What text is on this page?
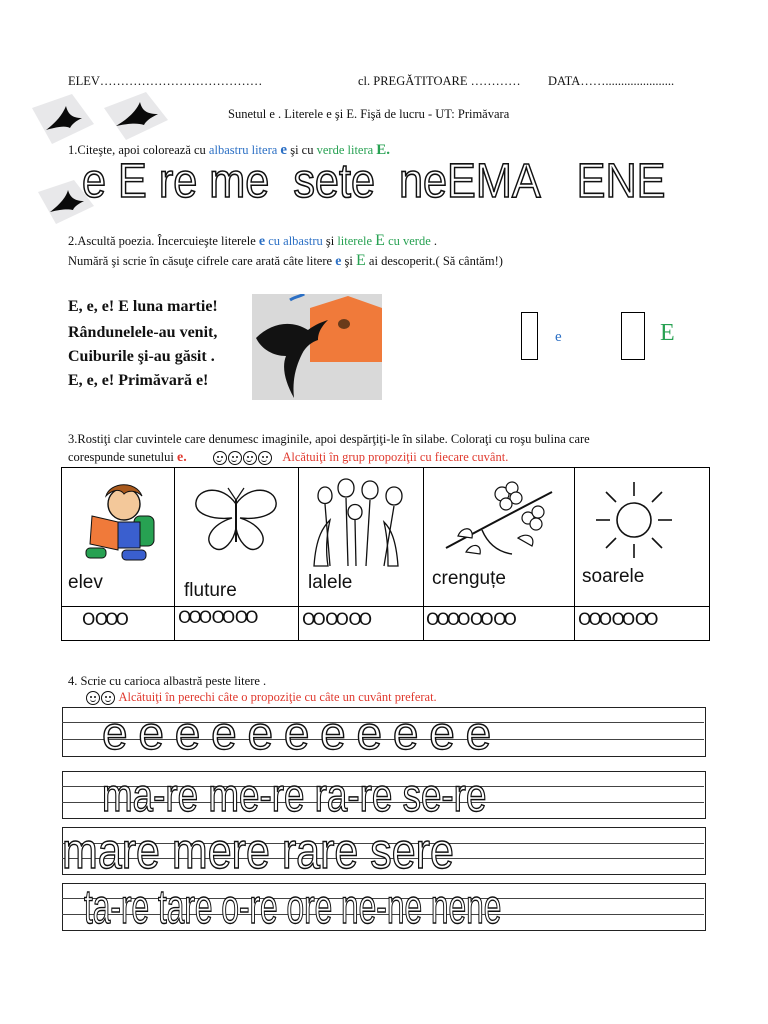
ELEV…………………………………	cl. PREGĂTITOARE ………… DATA……......................
Sunetul e . Literele e şi E. Fişă de lucru - UT: Primăvara
1.Citeşte, apoi colorează cu albastru litera e şi cu verde litera E.
e E re me sete neEMA ENE
2.Ascultă poezia. Încercuieşte literele e cu albastru şi literele E cu verde .
Numără şi scrie în căsuţe cifrele care arată câte litere e şi E ai descoperit.( Să cântăm!)
E, e, e! E luna martie!
Rândunelele-au venit,
Cuiburile şi-au găsit .
E, e, e! Primăvară e!
e	E
3.Rostiţi clar cuvintele care denumesc imaginile, apoi despărţiţi-le în silabe. Coloraţi cu roşu bulina care
corespunde sunetului e.	Alcătuiţi în grup propoziţii cu fiecare cuvânt.
elev	fluture	lalele	crenguțe	soarele
O OOO	OOO OO OO	OO OO OO	OOOO OO OO	OOO OO OO
4. Scrie cu carioca albastră peste litere .
Alcătuiţi în perechi câte o propoziţie cu câte un cuvânt preferat.
e e e e e e e e e e e
ma-re me-re ra-re se-re
mare mere rare sere
ta-re tare o-re ore ne-ne nene
